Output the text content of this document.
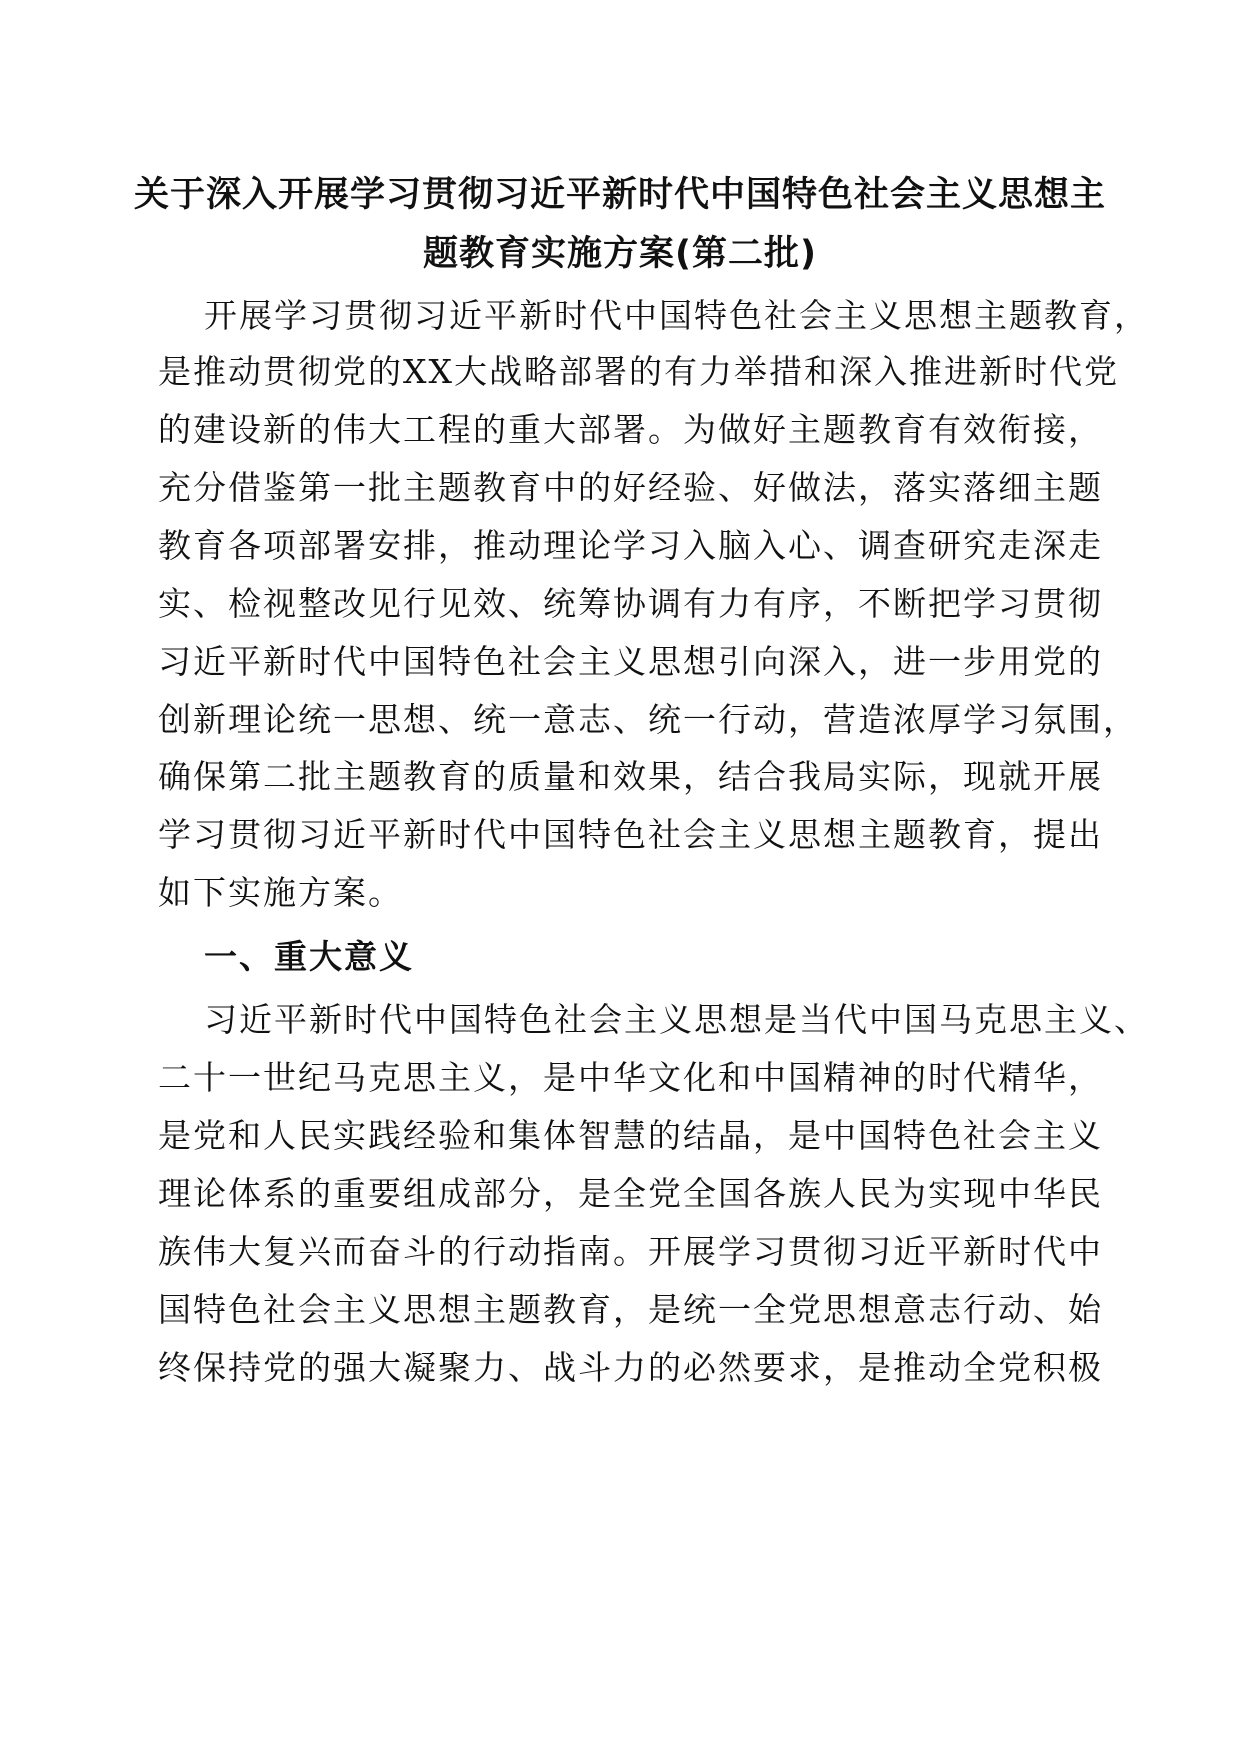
关于深入开展学习贯彻习近平新时代中国特色社会主义思想主
题教育实施方案(第二批)
开展学习贯彻习近平新时代中国特色社会主义思想主题教育，
是推动贯彻党的XX大战略部署的有力举措和深入推进新时代党
的建设新的伟大工程的重大部署。为做好主题教育有效衔接，
充分借鉴第一批主题教育中的好经验、好做法，落实落细主题
教育各项部署安排，推动理论学习入脑入心、调查研究走深走
实、检视整改见行见效、统筹协调有力有序，不断把学习贯彻
习近平新时代中国特色社会主义思想引向深入，进一步用党的
创新理论统一思想、统一意志、统一行动，营造浓厚学习氛围，
确保第二批主题教育的质量和效果，结合我局实际，现就开展
学习贯彻习近平新时代中国特色社会主义思想主题教育，提出
如下实施方案。
一、重大意义
习近平新时代中国特色社会主义思想是当代中国马克思主义、
二十一世纪马克思主义，是中华文化和中国精神的时代精华，
是党和人民实践经验和集体智慧的结晶，是中国特色社会主义
理论体系的重要组成部分，是全党全国各族人民为实现中华民
族伟大复兴而奋斗的行动指南。开展学习贯彻习近平新时代中
国特色社会主义思想主题教育，是统一全党思想意志行动、始
终保持党的强大凝聚力、战斗力的必然要求，是推动全党积极
